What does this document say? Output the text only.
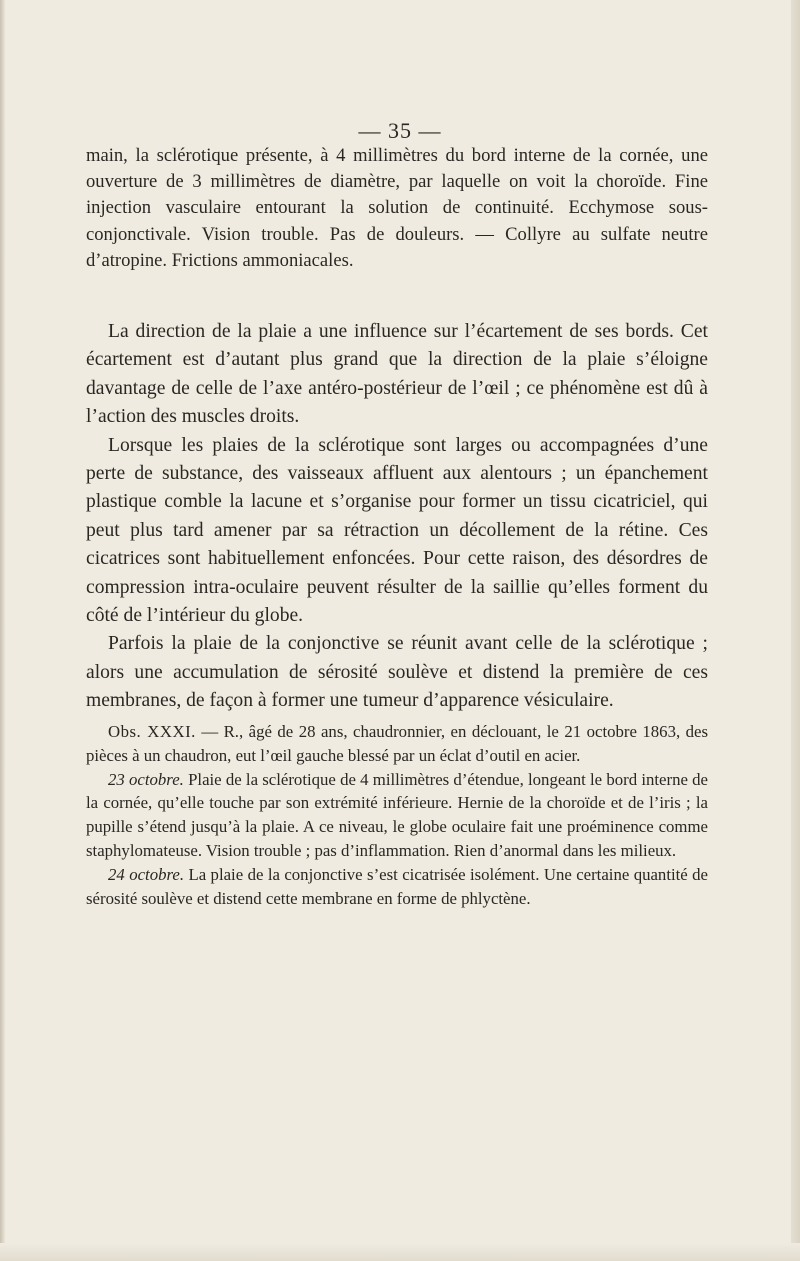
— 35 —

main, la sclérotique présente, à 4 millimètres du bord interne de la cornée, une ouverture de 3 millimètres de diamètre, par laquelle on voit la choroïde. Fine injection vasculaire entourant la solution de continuité. Ecchymose sous-conjonctivale. Vision trouble. Pas de douleurs. — Collyre au sulfate neutre d’atropine. Frictions ammoniacales.

La direction de la plaie a une influence sur l’écartement de ses bords. Cet écartement est d’autant plus grand que la direction de la plaie s’éloigne davantage de celle de l’axe antéro-postérieur de l’œil ; ce phénomène est dû à l’action des muscles droits.

Lorsque les plaies de la sclérotique sont larges ou accompagnées d’une perte de substance, des vaisseaux affluent aux alentours ; un épanchement plastique comble la lacune et s’organise pour former un tissu cicatriciel, qui peut plus tard amener par sa rétraction un décollement de la rétine. Ces cicatrices sont habituellement enfoncées. Pour cette raison, des désordres de compression intra-oculaire peuvent résulter de la saillie qu’elles forment du côté de l’intérieur du globe.

Parfois la plaie de la conjonctive se réunit avant celle de la sclérotique ; alors une accumulation de sérosité soulève et distend la première de ces membranes, de façon à former une tumeur d’apparence vésiculaire.

Obs. XXXI. — R., âgé de 28 ans, chaudronnier, en déclouant, le 21 octobre 1863, des pièces à un chaudron, eut l’œil gauche blessé par un éclat d’outil en acier.

23 octobre. Plaie de la sclérotique de 4 millimètres d’étendue, longeant le bord interne de la cornée, qu’elle touche par son extrémité inférieure. Hernie de la choroïde et de l’iris ; la pupille s’étend jusqu’à la plaie. A ce niveau, le globe oculaire fait une proéminence comme staphylomateuse. Vision trouble ; pas d’inflammation. Rien d’anormal dans les milieux.

24 octobre. La plaie de la conjonctive s’est cicatrisée isolément. Une certaine quantité de sérosité soulève et distend cette membrane en forme de phlyctène.
